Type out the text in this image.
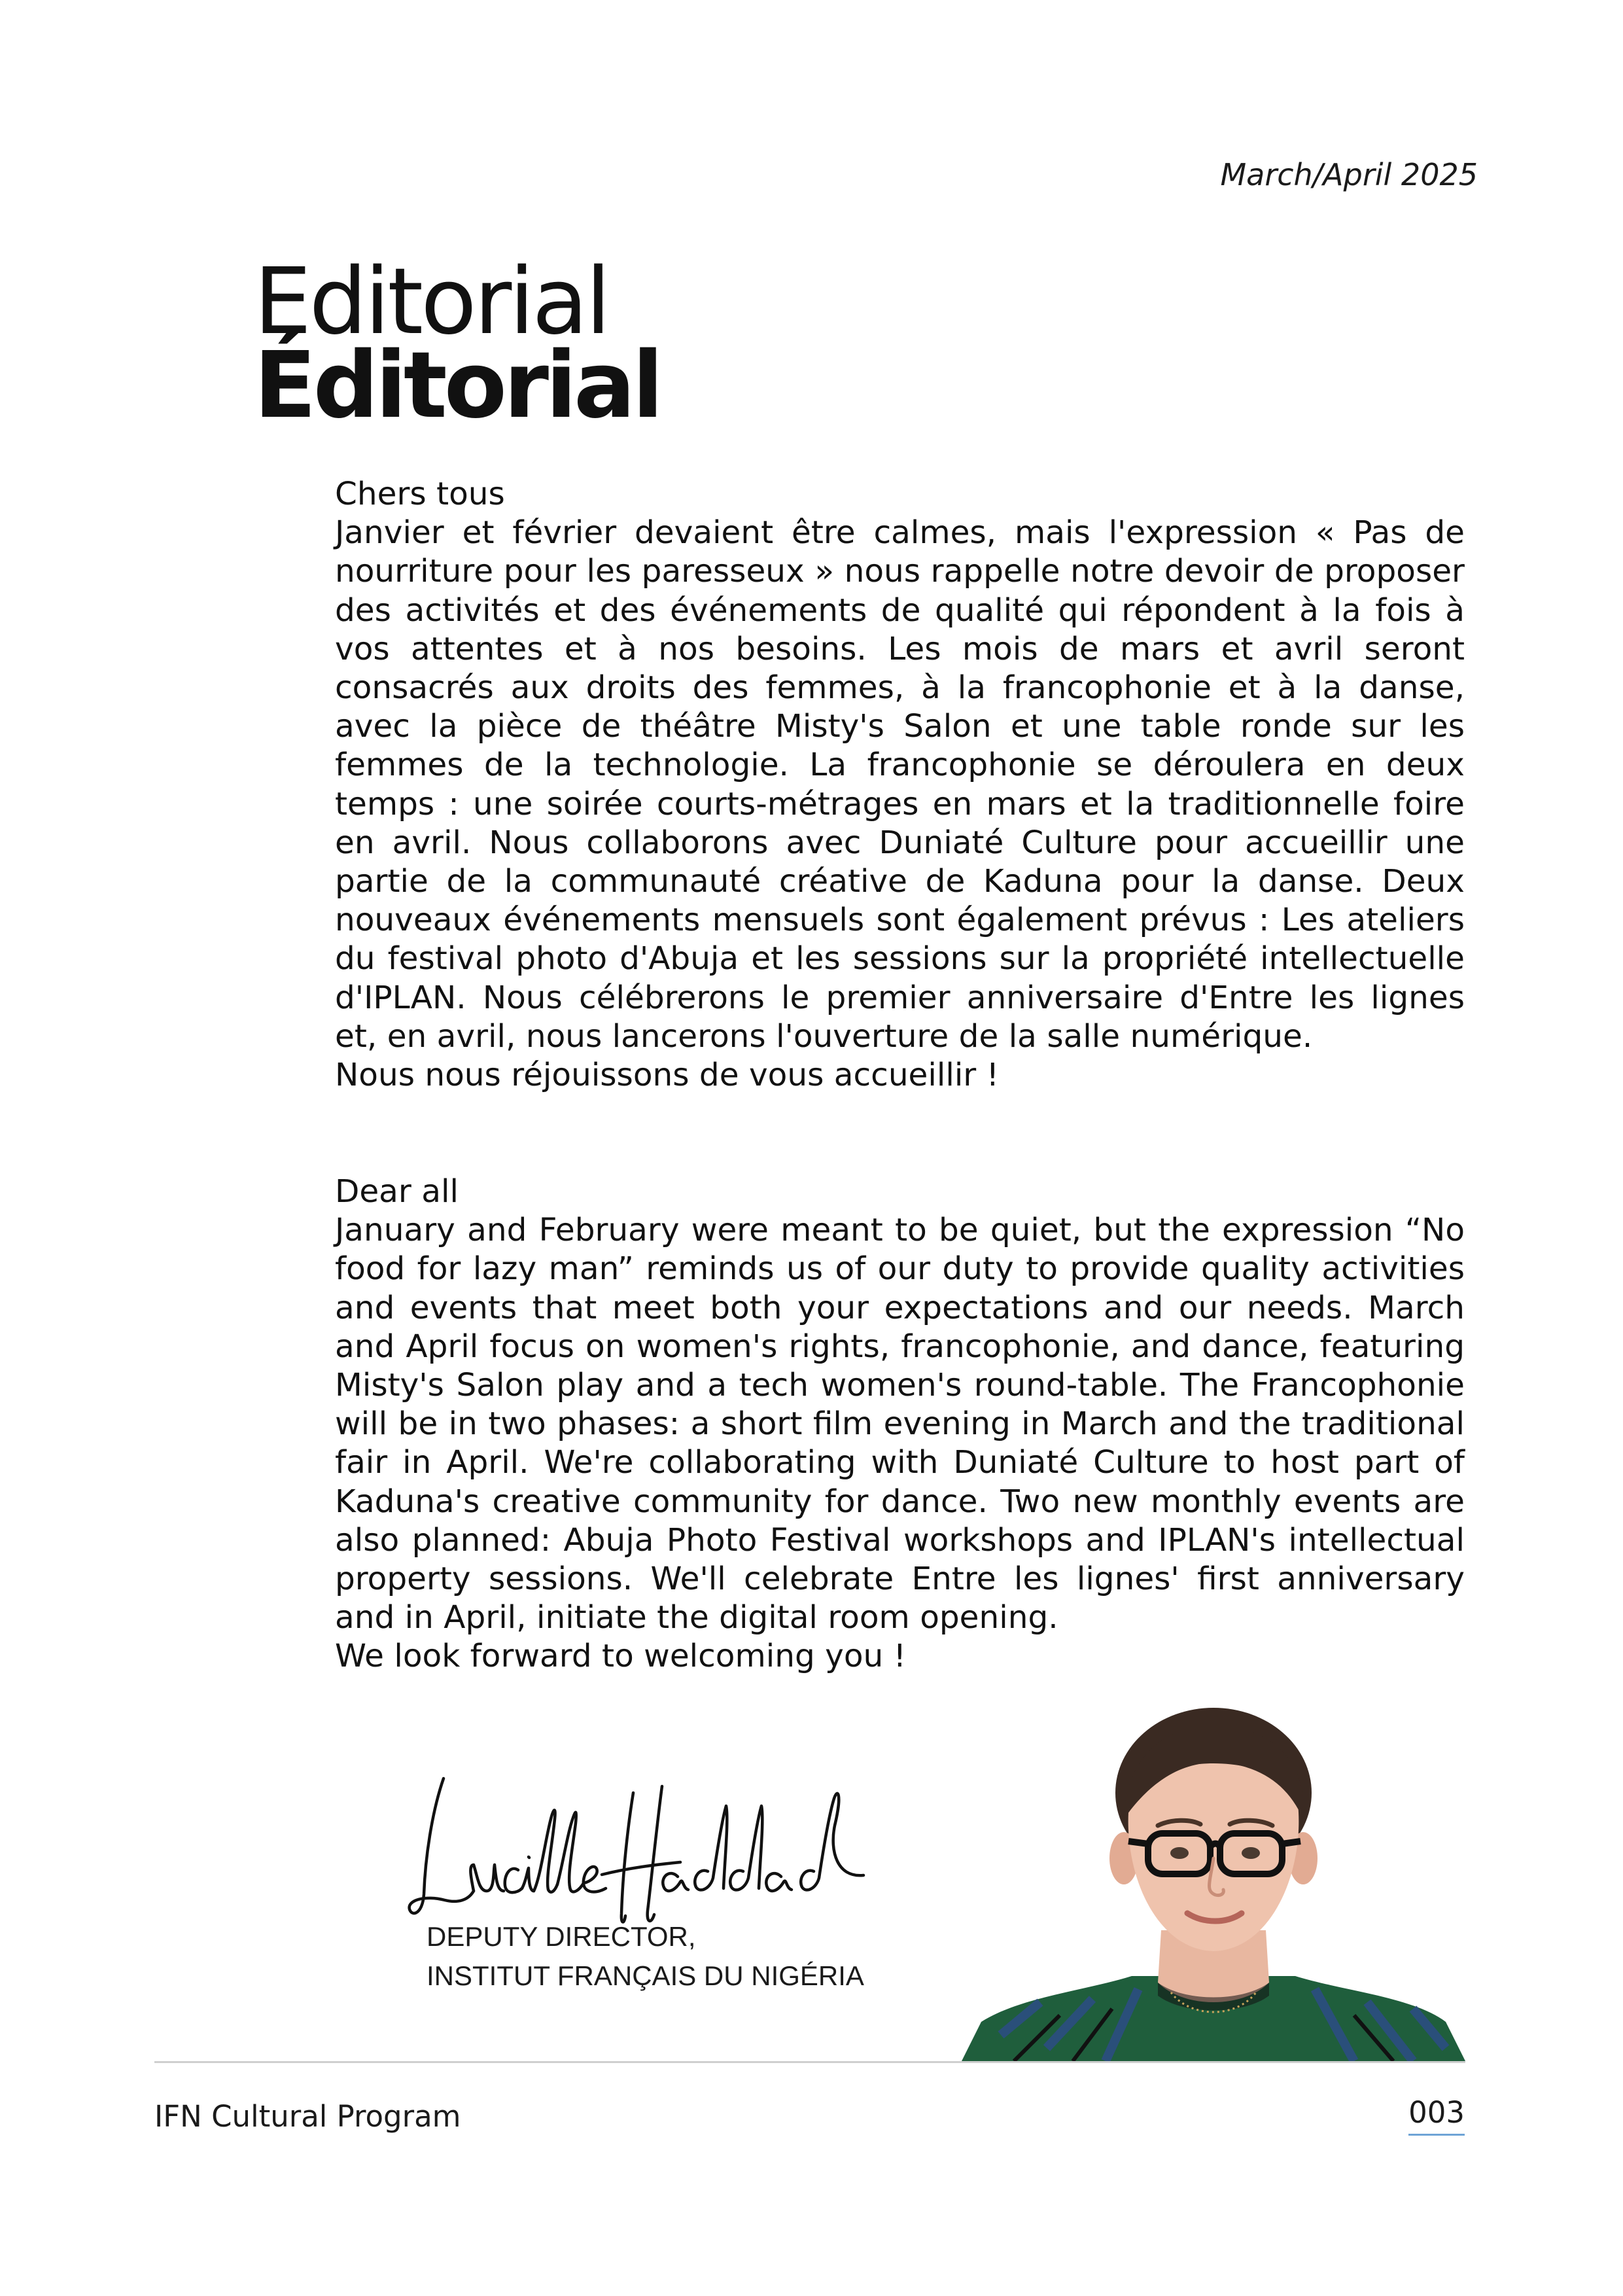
March/April 2025
Editorial
Éditorial

Chers tous

Janvier et février devaient être calmes, mais l'expression « Pas de nourriture pour les paresseux » nous rappelle notre devoir de proposer des activités et des événements de qualité qui répondent à la fois à vos attentes et à nos besoins. Les mois de mars et avril seront consacrés aux droits des femmes, à la francophonie et à la danse, avec la pièce de théâtre Misty's Salon et une table ronde sur les femmes de la technologie. La francophonie se déroulera en deux temps : une soirée courts-métrages en mars et la traditionnelle foire en avril. Nous collaborons avec Duniaté Culture pour accueillir une partie de la communauté créative de Kaduna pour la danse. Deux nouveaux événements mensuels sont également prévus : Les ateliers du festival photo d'Abuja et les sessions sur la propriété intellectuelle d'IPLAN. Nous célébrerons le premier anniversaire d'Entre les lignes et, en avril, nous lancerons l'ouverture de la salle numérique.

Nous nous réjouissons de vous accueillir !

Dear all

January and February were meant to be quiet, but the expression “No food for lazy man” reminds us of our duty to provide quality activities and events that meet both your expectations and our needs. March and April focus on women's rights, francophonie, and dance, featuring Misty's Salon play and a tech women's round-table. The Francophonie will be in two phases: a short film evening in March and the traditional fair in April. We're collaborating with Duniaté Culture to host part of Kaduna's creative community for dance. Two new monthly events are also planned: Abuja Photo Festival workshops and IPLAN's intellectual property sessions. We'll celebrate Entre les lignes' first anniversary and in April, initiate the digital room opening.

We look forward to welcoming you !

DEPUTY DIRECTOR,
INSTITUT FRANÇAIS DU NIGÉRIA
IFN Cultural Program	003
